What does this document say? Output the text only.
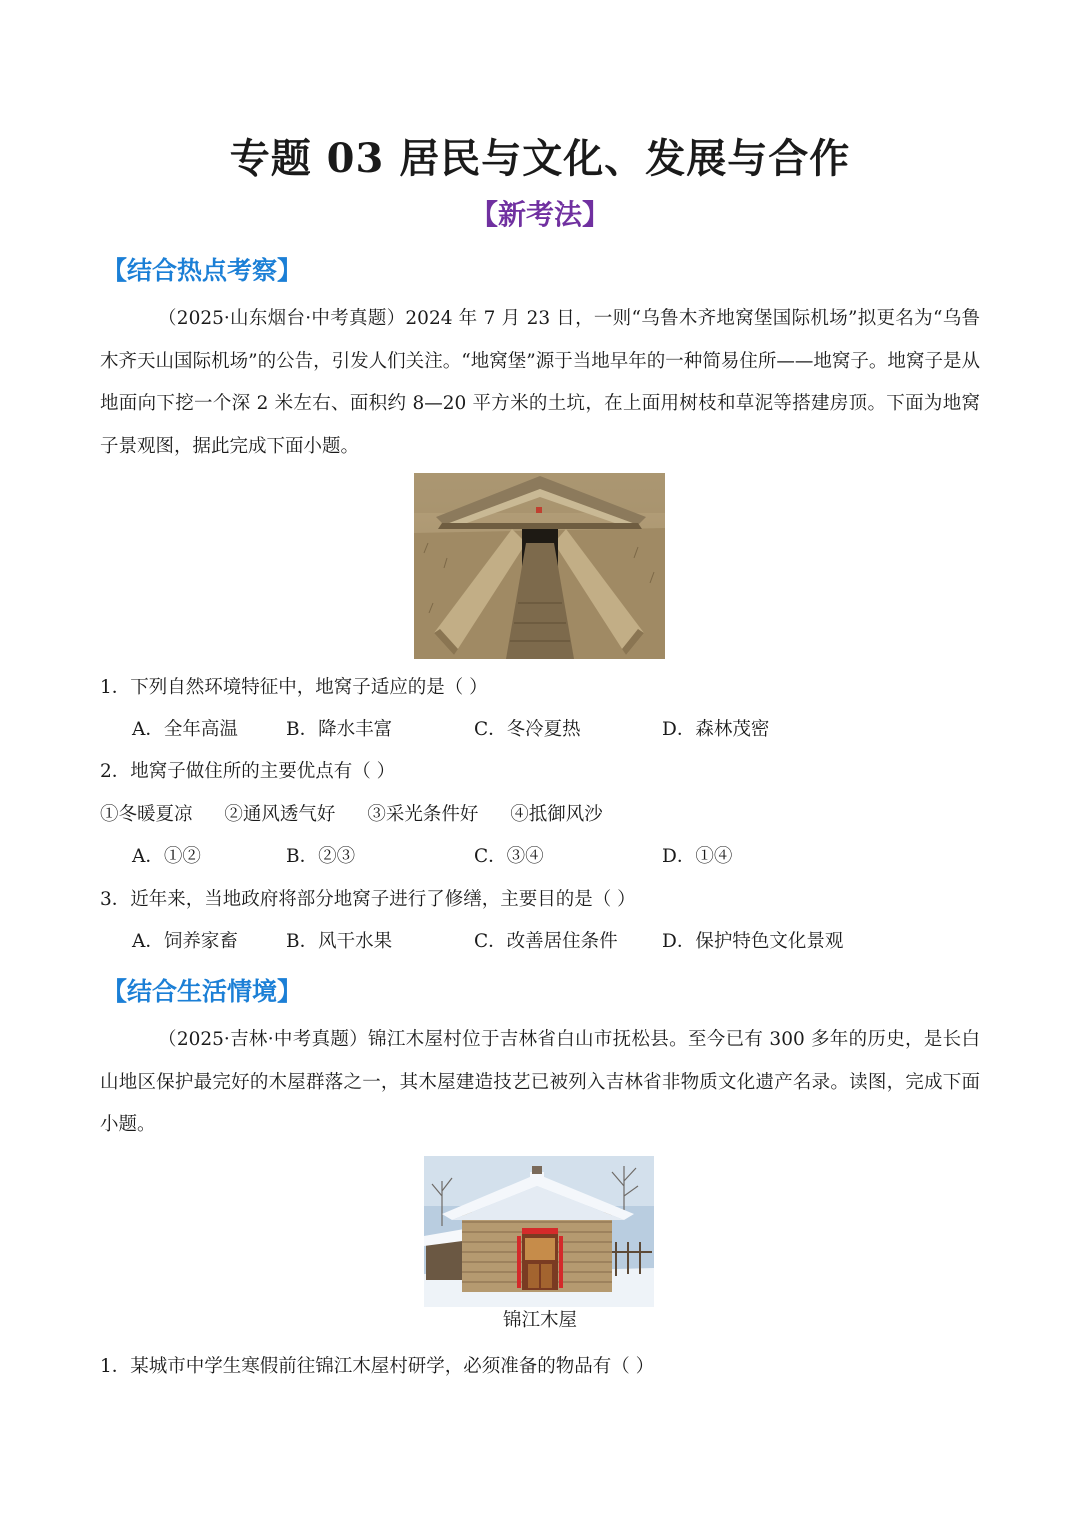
专题 03 居民与文化、发展与合作
【新考法】
【结合热点考察】

（2025·山东烟台·中考真题）2024 年 7 月 23 日，一则“乌鲁木齐地窝堡国际机场”拟更名为“乌鲁木齐天山国际机场”的公告，引发人们关注。“地窝堡”源于当地早年的一种简易住所——地窝子。地窝子是从地面向下挖一个深 2 米左右、面积约 8—20 平方米的土坑，在上面用树枝和草泥等搭建房顶。下面为地窝子景观图，据此完成下面小题。

1．下列自然环境特征中，地窝子适应的是（ ）
A．全年高温	B．降水丰富	C．冬冷夏热	D．森林茂密
2．地窝子做住所的主要优点有（ ）
①冬暖夏凉 ②通风透气好 ③采光条件好 ④抵御风沙
A．①②	B．②③	C．③④	D．①④
3．近年来，当地政府将部分地窝子进行了修缮，主要目的是（ ）
A．饲养家畜	B．风干水果	C．改善居住条件 D．保护特色文化景观
【结合生活情境】

（2025·吉林·中考真题）锦江木屋村位于吉林省白山市抚松县。至今已有 300 多年的历史，是长白山地区保护最完好的木屋群落之一，其木屋建造技艺已被列入吉林省非物质文化遗产名录。读图，完成下面小题。

锦江木屋
1．某城市中学生寒假前往锦江木屋村研学，必须准备的物品有（ ）
